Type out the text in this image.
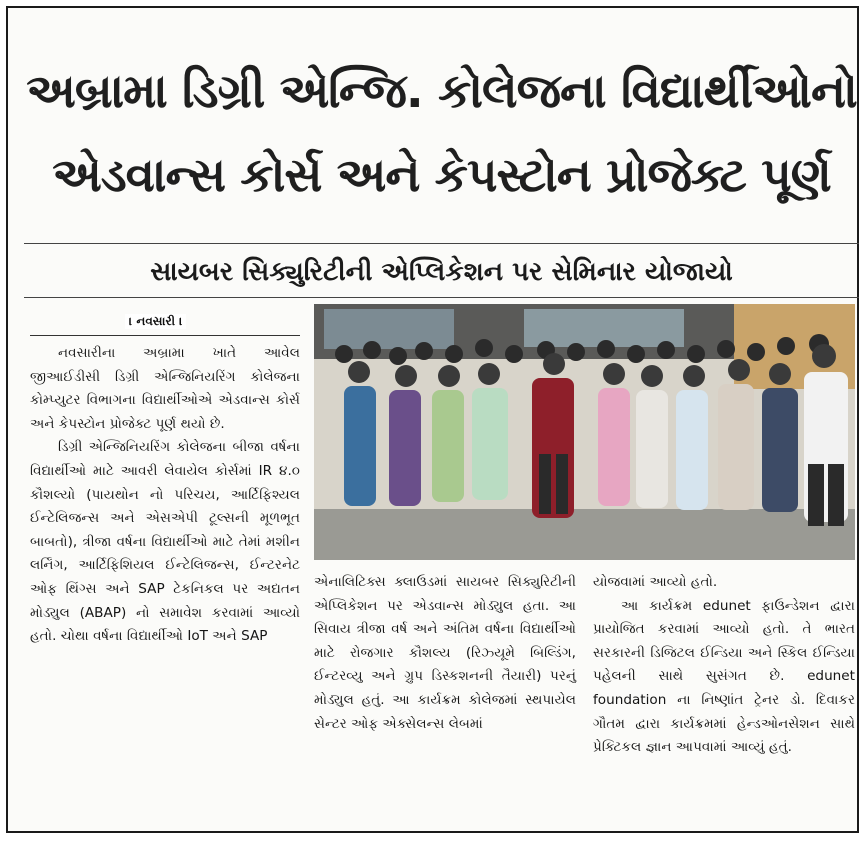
અબ્રામા ડિગ્રી એન્જિ. કોલેજના વિદ્યાર્થીઓનો
એડવાન્સ કોર્સ અને કેપસ્ટોન પ્રોજેક્ટ પૂર્ણ
સાયબર સિક્યુરિટીની એપ્લિકેશન પર સેમિનાર યોજાયો
। નવસારી ।

નવસારીના અબ્રામા ખાતે આવેલ જીઆઈડીસી ડિગ્રી એન્જિનિયરિંગ કોલેજના કોમ્પ્યુટર વિભાગના વિદ્યાર્થીઓએ એડવાન્સ કોર્સ અને કેપસ્ટોન પ્રોજેક્ટ પૂર્ણ થયો છે.

ડિગ્રી એન્જિનિયરિંગ કોલેજના બીજા વર્ષના વિદ્યાર્થીઓ માટે આવરી લેવાયેલ કોર્સમાં IR ૪.૦ કૌશલ્યો (પાયથોન નો પરિચય, આર્ટિફિશ્યલ ઈન્ટેલિજન્સ અને એસએપી ટૂલ્સની મૂળભૂત બાબતો), ત્રીજા વર્ષના વિદ્યાર્થીઓ માટે તેમાં મશીન લર્નિંગ, આર્ટિફિશિયલ ઈન્ટેલિજન્સ, ઈન્ટરનેટ ઓફ થિંગ્સ અને SAP ટેકનિકલ પર અદ્યતન મોડ્યુલ (ABAP) નો સમાવેશ કરવામાં આવ્યો હતો. ચોથા વર્ષના વિદ્યાર્થીઓ IoT અને SAP

એનાલિટિક્સ ક્લાઉડમાં સાયબર સિક્યુરિટીની એપ્લિકેશન પર એડવાન્સ મોડ્યુલ હતા. આ સિવાય ત્રીજા વર્ષ અને અંતિમ વર્ષના વિદ્યાર્થીઓ માટે રોજગાર કૌશલ્ય (રિઝ્યૂમે બિલ્ડિંગ, ઈન્ટરવ્યુ અને ગ્રુપ ડિસ્કશનની તૈયારી) પરનું મોડ્યુલ હતું. આ કાર્યક્રમ કોલેજમાં સ્થપાયેલ સેન્ટર ઓફ એક્સેલન્સ લેબમાં

યોજવામાં આવ્યો હતો.

આ કાર્યક્રમ edunet ફાઉન્ડેશન દ્વારા પ્રાયોજિત કરવામાં આવ્યો હતો. તે ભારત સરકારની ડિજિટલ ઈન્ડિયા અને સ્કિલ ઈન્ડિયા પહેલની સાથે સુસંગત છે. edunet foundation ના નિષ્ણાંત ટ્રેનર ડો. દિવાકર ગૌતમ દ્વારા કાર્યક્રમમાં હેન્ડઓનસેશન સાથે પ્રેક્ટિકલ જ્ઞાન આપવામાં આવ્યું હતું.
